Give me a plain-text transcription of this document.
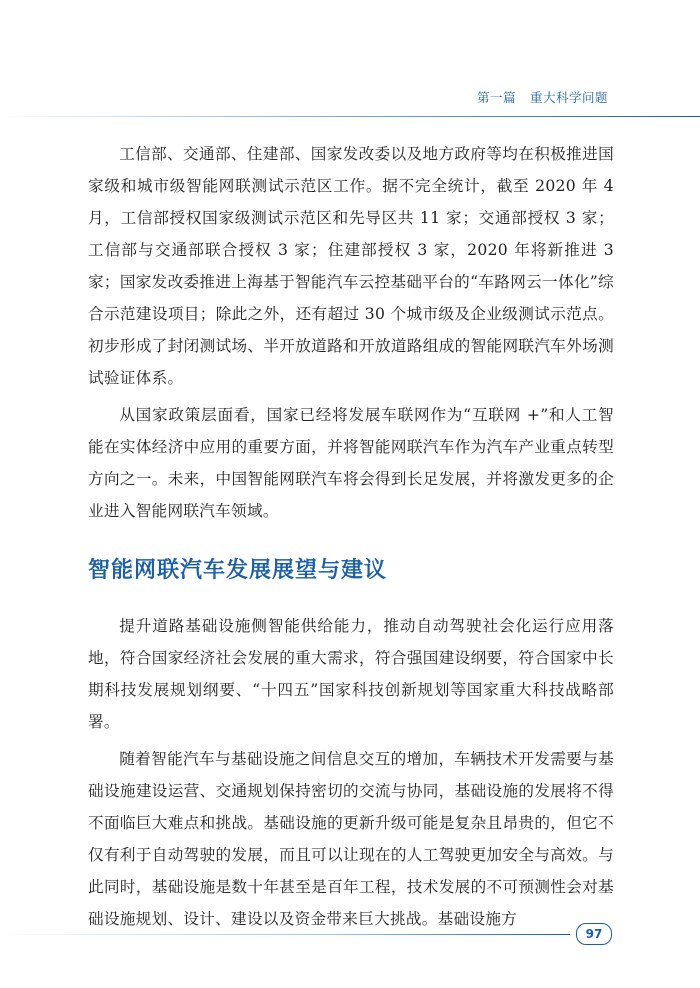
第一篇 重大科学问题

工信部、交通部、住建部、国家发改委以及地方政府等均在积极推进国家级和城市级智能网联测试示范区工作。据不完全统计，截至 2020 年 4 月，工信部授权国家级测试示范区和先导区共 11 家；交通部授权 3 家；工信部与交通部联合授权 3 家；住建部授权 3 家，2020 年将新推进 3 家；国家发改委推进上海基于智能汽车云控基础平台的“车路网云一体化”综合示范建设项目；除此之外，还有超过 30 个城市级及企业级测试示范点。初步形成了封闭测试场、半开放道路和开放道路组成的智能网联汽车外场测试验证体系。

从国家政策层面看，国家已经将发展车联网作为“互联网 +”和人工智能在实体经济中应用的重要方面，并将智能网联汽车作为汽车产业重点转型方向之一。未来，中国智能网联汽车将会得到长足发展，并将激发更多的企业进入智能网联汽车领域。

智能网联汽车发展展望与建议

提升道路基础设施侧智能供给能力，推动自动驾驶社会化运行应用落地，符合国家经济社会发展的重大需求，符合强国建设纲要，符合国家中长期科技发展规划纲要、“十四五”国家科技创新规划等国家重大科技战略部署。

随着智能汽车与基础设施之间信息交互的增加，车辆技术开发需要与基础设施建设运营、交通规划保持密切的交流与协同，基础设施的发展将不得不面临巨大难点和挑战。基础设施的更新升级可能是复杂且昂贵的，但它不仅有利于自动驾驶的发展，而且可以让现在的人工驾驶更加安全与高效。与此同时，基础设施是数十年甚至是百年工程，技术发展的不可预测性会对基础设施规划、设计、建设以及资金带来巨大挑战。基础设施方

97
